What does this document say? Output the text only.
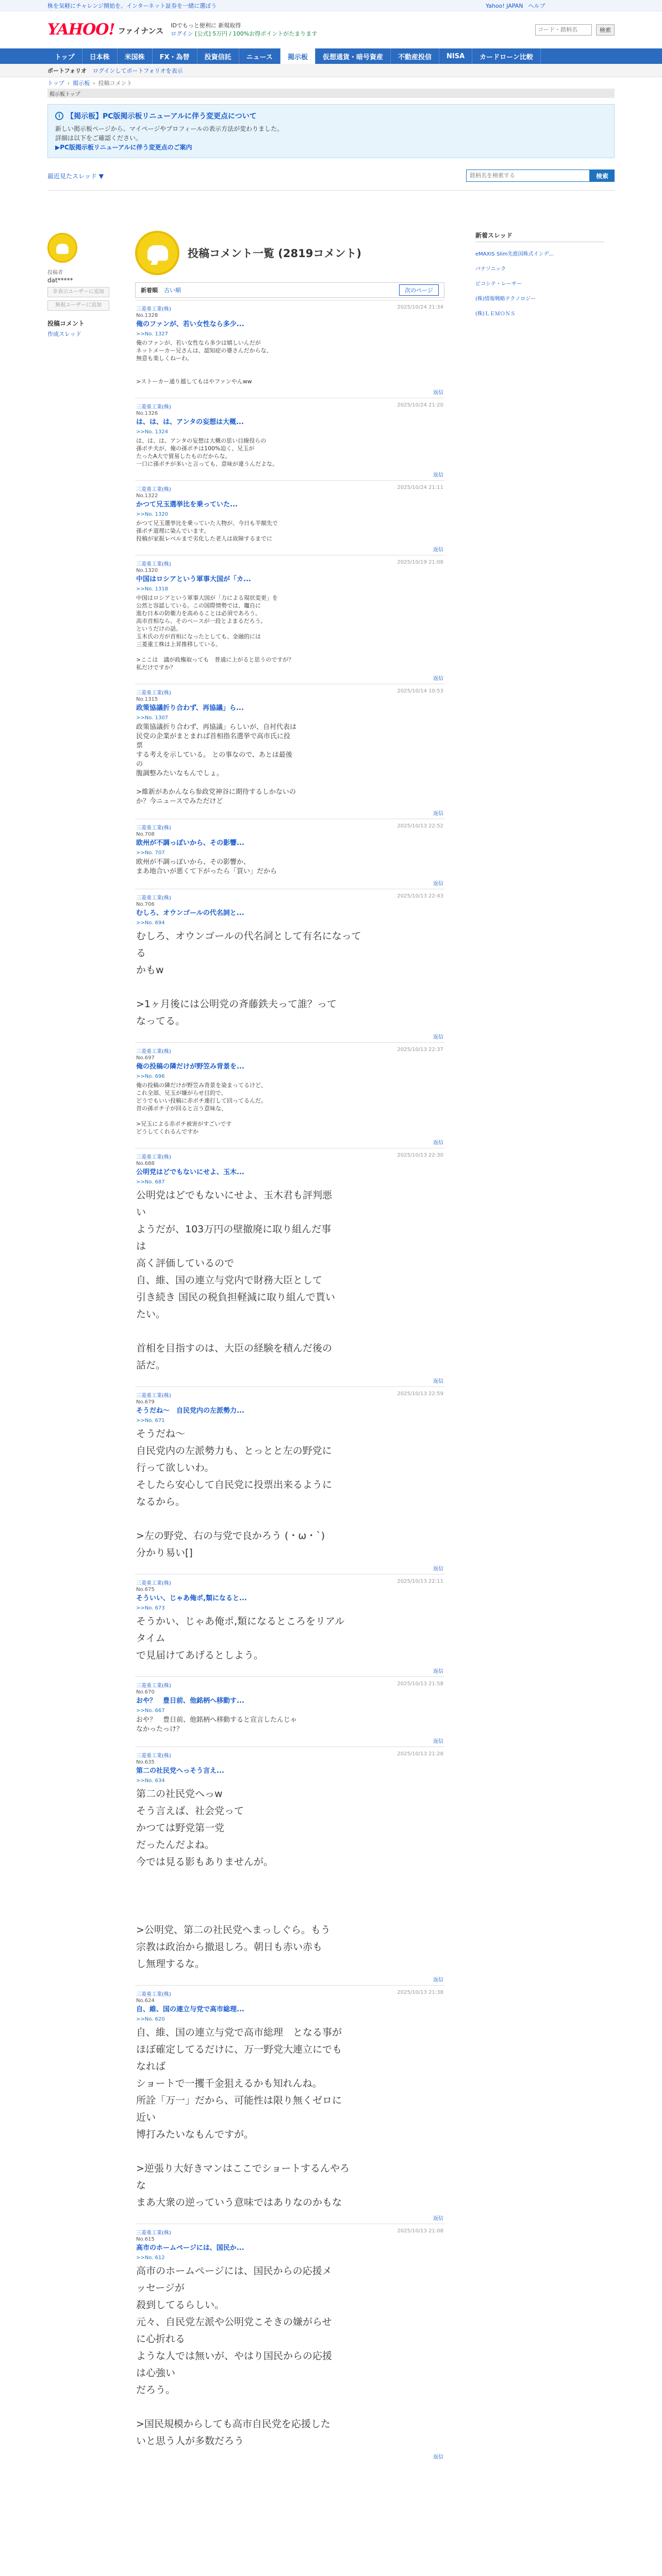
株を気軽にチャレンジ開始を。インターネット証券を一緒に選ぼう	Yahoo! JAPAN ヘルプ
YAHOO! ファイナンス
IDでもっと便利に 新規取得
ログイン [公式] 5万円 / 100%お得ポイントがたまります
コード・銘柄名
検索
トップ	日本株	米国株	FX・為替	投資信託	ニュース	掲示板	仮想通貨・暗号資産	不動産投信	NISA	カードローン比較
ポートフォリオ ログインしてポートフォリオを表示
トップ › 掲示板 › 投稿コメント
掲示板トップ
i 【掲示板】PC版掲示板リニューアルに伴う変更点について
新しい掲示板ページから、マイページやプロフィールの表示方法が変わりました。
詳細は以下をご確認ください。
▶PC版掲示板リニューアルに伴う変更点のご案内
最近見たスレッド ▼
銘柄名を検索する	検索
投稿者
dat*****
非表示ユーザーに追加
無視ユーザーに追加
投稿コメント
作成スレッド
投稿コメント一覧 (2819コメント)
新着順 古い順	次のページ
三菱重工業(株)	2025/10/24 21:34
No.1328
俺のファンが、若い女性なら多少...
>>No. 1327
俺のファンが、若い女性なら多少は嬉しいんだが
ネットメーカー兄さんは、認知症の婆さんだからな、
無意も楽しくねーわ。

>ストーカー通り越してもはやファンやんww
返信
三菱重工業(株)	2025/10/24 21:20
No.1326
は、は、は、アンタの妄想は大概...
>>No. 1324
は、は、は、アンタの妄想は大概の思い目線役らの
孫ポチ夫が、俺の孫ポチは100%迫く、兄玉が
たったA大で貿易したものだからな。
一口に孫ポチが多いと言っても、意味が違うんだよな。
返信
三菱重工業(株)	2025/10/24 21:11
No.1322
かつて兄玉選挙比を乗っていた...
>>No. 1320
かつて兄玉選挙比を乗っていた人物が、今日も半額先で
孫ポチ道理に染んでいます。
投稿が家振レベルまで劣化した老人は故障するまでに
返信
三菱重工業(株)	2025/10/19 21:08
No.1320
中国はロシアという軍事大国が「カ...
>>No. 1318
中国はロシアという軍事大国が「力による現状変更」を
公然と容認している。この国際情勢では、竈自に
進む日本の防衛力を高めることは必須であろう。
高市首相なら、そのペースが一段とよまるだろう。
というだけの話。
玉木氏の方が首相になったとしても、金融的には
三菱重工株は上昇推移している。

>ここは　議が政権取っても　普通に上がると思うのですが？
私だけですか？
返信
三菱重工業(株)	2025/10/14 10:53
No.1315
政策協議折り合わず、再協議」ら...
>>No. 1307
政策協議折り合わず、再協議」らしいが、自衬代表は
民党の企業がまとまれば首相指名選挙で高市氏に投
票
する考えを示している。 との事なので、あとは最後
の
腹調整みたいなもんでしょ。

>維新があかんなら参政党神谷に期待するしかないの
か？今ニュースでみただけど
返信
三菱重工業(株)	2025/10/13 22:52
No.708
欧州が不調っぽいから、その影響...
>>No. 707
欧州が不調っぽいから、その影響か、
まあ地合いが悪くて下がったら「買い」だから
返信
三菱重工業(株)	2025/10/13 22:43
No.706
むしろ、オウンゴールの代名詞と...
>>No. 694
むしろ、オウンゴールの代名詞として有名になって
る
かもw

>1ヶ月後には公明党の斉藤鉄夫って誰？って
なってる。
返信
三菱重工業(株)	2025/10/13 22:37
No.697
俺の投稿の隣だけが野笠み背景を...
>>No. 696
俺の投稿の隣だけが野笠み背景を染まってるけど、
これ全部、兄玉が嫌がらせ目的で、
どうでもいい投稿に赤ポチ連打して回ってるんだ。
昔の孫ポチ子が回ると言う意味な、

>兄玉による赤ポチ被害がすごいです
どうしてくれるんですか
返信
三菱重工業(株)	2025/10/13 22:30
No.688
公明党はどでもないにせよ、玉木...
>>No. 687
公明党はどでもないにせよ、玉木君も評判悪
い
ようだが、103万円の壁撤廃に取り組んだ事
は
高く評価しているので
自、維、国の連立与党内で財務大臣として
引き続き 国民の税負担軽減に取り組んで貰い
たい。

首相を目指すのは、大臣の経験を積んだ後の
話だ。
返信
三菱重工業(株)	2025/10/13 22:59
No.679
そうだね〜　自民党内の左派勢力...
>>No. 671
そうだね〜
自民党内の左派勢力も、とっとと左の野党に
行って欲しいわ。
そしたら安心して自民党に投票出来るように
なるから。

>左の野党、右の与党で良かろう (・ω・`)
分かり易い[]
返信
三菱重工業(株)	2025/10/13 22:11
No.675
そういい、じゃあ俺ポ,類になると...
>>No. 673
そうかい、じゃあ俺ポ,類になるところをリアル
タイム
で見届けてあげるとしよう。
返信
三菱重工業(株)	2025/10/13 21:58
No.670
おや？　豊日前、他銘柄へ移動す...
>>No. 667
おや？　豊日前、他銘柄へ移動すると宣言したんじゃ
なかったっけ？
返信
三菱重工業(株)	2025/10/13 21:28
No.635
第二の社民党へっそう言え...
>>No. 634
第二の社民党へっw
そう言えば、社会党って
かつては野党第一党
だったんだよね。
今では見る影もありませんが。

>公明党、第二の社民党へまっしぐら。もう
宗教は政治から撤退しろ。朝日も赤い赤も
し無理するな。
返信
三菱重工業(株)	2025/10/13 21:38
No.624
自、維、国の連立与党で高市総理...
>>No. 620
自、維、国の連立与党で高市総理　となる事が
ほぼ確定してるだけに、万一野党大連立にでも
なれば
ショートで一攫千金狙えるかも知れんね。
所詮「万一」だから、可能性は限り無くゼロに
近い
博打みたいなもんですが。

>逆張り大好きマンはここでショートするんやろ
な
まあ大衆の逆っていう意味ではありなのかもな
返信
三菱重工業(株)	2025/10/13 21:08
No.615
高市のホームページには、国民か...
>>No. 612
高市のホームページには、国民からの応援メ
ッセージが
殺到してるらしい。
元々、自民党左派や公明党こそきの嫌がらせ
に心折れる
ような人では無いが、やはり国民からの応援
は心強い
だろう。

>国民規模からしても高市自民党を応援した
いと思う人が多数だろう
返信
新着スレッド
eMAXIS Slim先進国株式インデ...
パナソニック
ピコシテ・レーサー
(株)情報戦略テクノロジー
(株)ＬＥＭＯＮＳ
